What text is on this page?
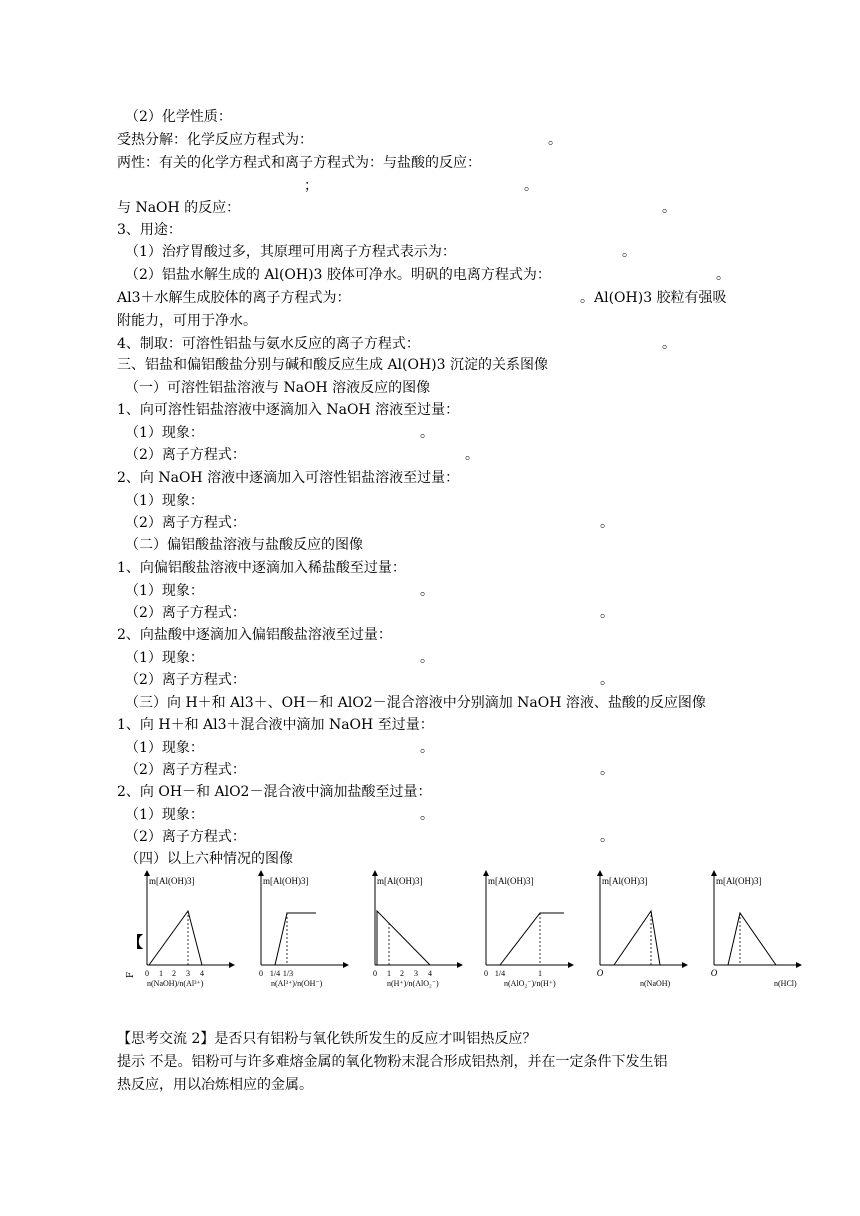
（2）化学性质：
受热分解：化学反应方程式为：	。
两性：有关的化学方程式和离子方程式为：与盐酸的反应：
；	。
与 NaOH 的反应：	。
3、用途：
（1）治疗胃酸过多，其原理可用离子方程式表示为：	。
（2）铝盐水解生成的 Al(OH)3 胶体可净水。明矾的电离方程式为：	。
Al3＋水解生成胶体的离子方程式为：	。Al(OH)3 胶粒有强吸
附能力，可用于净水。
4、制取：可溶性铝盐与氨水反应的离子方程式：	。
三、铝盐和偏铝酸盐分别与碱和酸反应生成 Al(OH)3 沉淀的关系图像
（一）可溶性铝盐溶液与 NaOH 溶液反应的图像
1、向可溶性铝盐溶液中逐滴加入 NaOH 溶液至过量：
（1）现象：	。
（2）离子方程式：	。
2、向 NaOH 溶液中逐滴加入可溶性铝盐溶液至过量：
（1）现象：
（2）离子方程式：	。
（二）偏铝酸盐溶液与盐酸反应的图像
1、向偏铝酸盐溶液中逐滴加入稀盐酸至过量：
（1）现象：	。
（2）离子方程式：	。
2、向盐酸中逐滴加入偏铝酸盐溶液至过量：
（1）现象：	。
（2）离子方程式：	。
（三）向 H＋和 Al3＋、OH－和 AlO2－混合溶液中分别滴加 NaOH 溶液、盐酸的反应图像
1、向 H＋和 Al3＋混合液中滴加 NaOH 至过量：
（1）现象：	。
（2）离子方程式：	。
2、向 OH－和 AlO2－混合液中滴加盐酸至过量：
（1）现象：	。
（2）离子方程式：	。
（四）以上六种情况的图像
【
F
m[Al(OH)3]
0 1 2 3 4
n(NaOH)/n(Al³⁺)
m[Al(OH)3]
0 1/4 1/3
n(Al³⁺)/n(OH⁻)
m[Al(OH)3]
0 1 2 3 4
n(H⁺)/n(AlO₂⁻)
m[Al(OH)3]
0 1/4	1
n(AlO₂⁻)/n(H⁺)
m[Al(OH)3]
O
n(NaOH)
m[Al(OH)3]
O
n(HCl)
【思考交流 2】是否只有铝粉与氧化铁所发生的反应才叫铝热反应？
提示 不是。铝粉可与许多难熔金属的氧化物粉末混合形成铝热剂，并在一定条件下发生铝
热反应，用以冶炼相应的金属。
